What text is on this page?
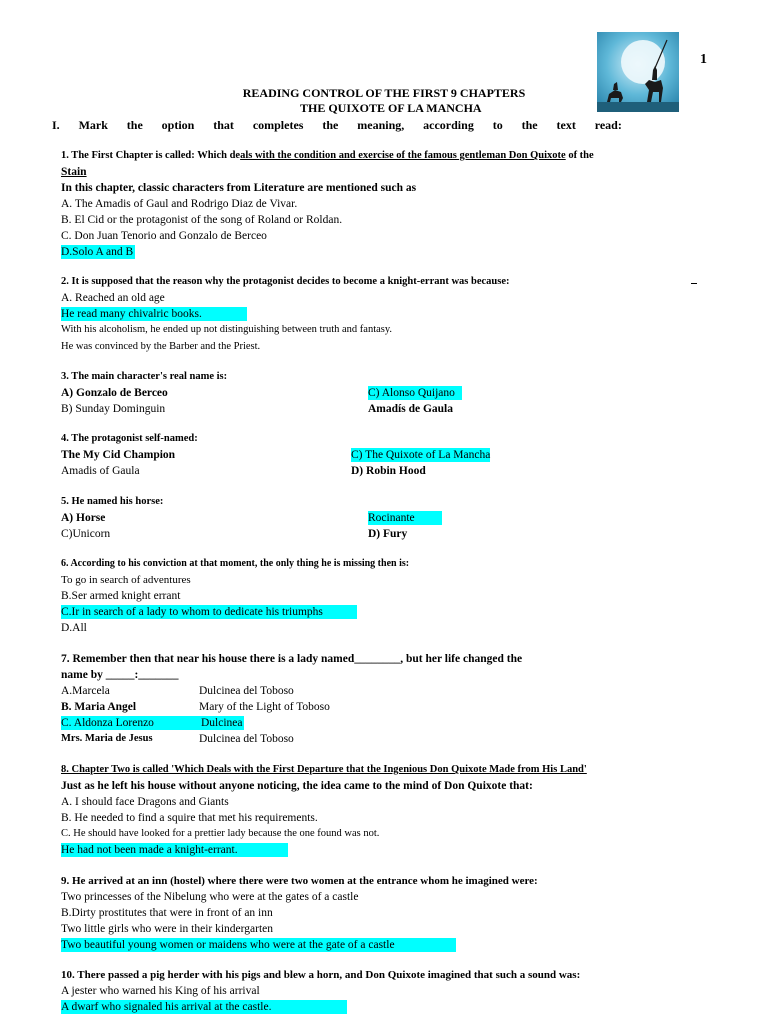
1
READING CONTROL OF THE FIRST 9 CHAPTERS
THE QUIXOTE OF LA MANCHA
I. Mark the option that completes the meaning, according to the text read:
1. The First Chapter is called: Which deals with the condition and exercise of the famous gentleman Don Quixote of the
Stain
In this chapter, classic characters from Literature are mentioned such as
A. The Amadis of Gaul and Rodrigo Diaz de Vivar.
B. El Cid or the protagonist of the song of Roland or Roldan.
C. Don Juan Tenorio and Gonzalo de Berceo
D.Solo A and B
2. It is supposed that the reason why the protagonist decides to become a knight-errant was because:
A. Reached an old age
He read many chivalric books.
With his alcoholism, he ended up not distinguishing between truth and fantasy.
He was convinced by the Barber and the Priest.
3. The main character's real name is:
A) Gonzalo de Berceo
B) Sunday Dominguin
C) Alonso Quijano
Amadís de Gaula
4. The protagonist self-named:
The My Cid Champion
Amadis of Gaula
C) The Quixote of La Mancha
D) Robin Hood
5. He named his horse:
A) Horse
C)Unicorn
Rocinante
D) Fury
6. According to his conviction at that moment, the only thing he is missing then is:
To go in search of adventures
B.Ser armed knight errant
C.Ir in search of a lady to whom to dedicate his triumphs
D.All
7. Remember then that near his house there is a lady named________, but her life changed the
name by _____:_______
A.Marcela	Dulcinea del Toboso
B. Maria Angel	Mary of the Light of Toboso
C. Aldonza Lorenzo	Dulcinea
Mrs. Maria de Jesus	Dulcinea del Toboso
8. Chapter Two is called 'Which Deals with the First Departure that the Ingenious Don Quixote Made from His Land'
Just as he left his house without anyone noticing, the idea came to the mind of Don Quixote that:
A. I should face Dragons and Giants
B. He needed to find a squire that met his requirements.
C. He should have looked for a prettier lady because the one found was not.
He had not been made a knight-errant.
9. He arrived at an inn (hostel) where there were two women at the entrance whom he imagined were:
Two princesses of the Nibelung who were at the gates of a castle
B.Dirty prostitutes that were in front of an inn
Two little girls who were in their kindergarten
Two beautiful young women or maidens who were at the gate of a castle
10. There passed a pig herder with his pigs and blew a horn, and Don Quixote imagined that such a sound was:
A jester who warned his King of his arrival
A dwarf who signaled his arrival at the castle.
